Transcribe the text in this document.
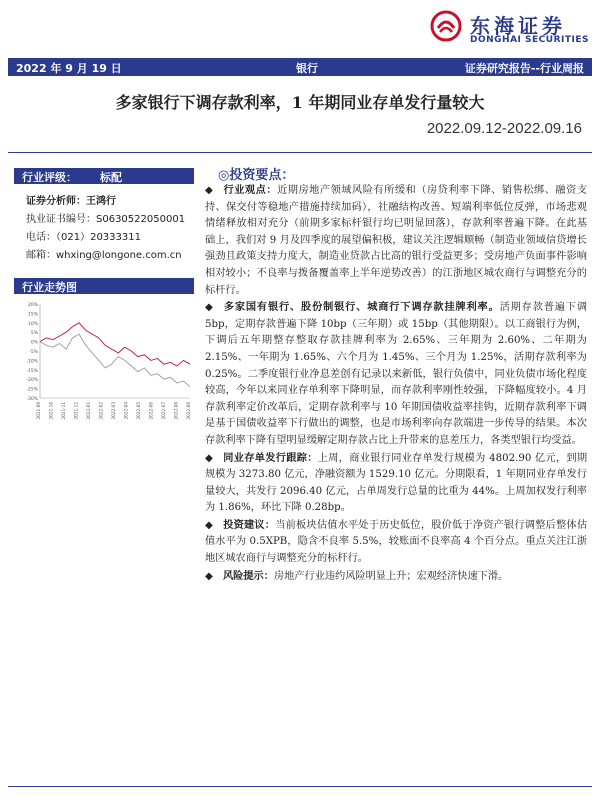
东海证券
DONGHAI SECURITIES
2022 年 9 月 19 日	银行	证券研究报告--行业周报
多家银行下调存款利率，1 年期同业存单发行量较大
2022.09.12-2022.09.16
行业评级： 标配
证券分析师：王鸿行
执业证书编号：S0630522050001
电话：（021）20333311
邮箱：whxing@longone.com.cn
行业走势图
20%
15%
10%
5%
0%
-5%
-10%
-15%
-20%
-25%
-30%
2021-09 2021-10 2021-11 2021-12 2022-01 2022-02 2022-03 2022-04 2022-05 2022-06 2022-07 2022-08 2022-09
◎投资要点：
◆ 行业观点：近期房地产领域风险有所缓和（房贷利率下降、销售松绑、融资支持、保交付等稳地产措施持续加码），社融结构改善、短端利率低位反弹，市场悲观情绪释放相对充分（前期多家标杆银行均已明显回落），存款利率普遍下降。在此基础上，我们对 9 月及四季度的展望偏积极，建议关注逻辑顺畅（制造业领域信贷增长强劲且政策支持力度大，制造业贷款占比高的银行受益更多；受房地产负面事件影响相对较小；不良率与拨备覆盖率上半年逆势改善）的江浙地区城农商行与调整充分的标杆行。
◆ 多家国有银行、股份制银行、城商行下调存款挂牌利率。活期存款普遍下调 5bp，定期存款普遍下降 10bp（三年期）或 15bp（其他期限）。以工商银行为例，下调后五年期整存整取存款挂牌利率为 2.65%、三年期为 2.60%、二年期为 2.15%、一年期为 1.65%、六个月为 1.45%、三个月为 1.25%，活期存款利率为 0.25%。二季度银行业净息差创有记录以来新低，银行负债中，同业负债市场化程度较高，今年以来同业存单利率下降明显，而存款利率刚性较强，下降幅度较小。4 月存款利率定价改革后，定期存款利率与 10 年期国债收益率挂钩，近期存款利率下调是基于国债收益率下行做出的调整，也是市场利率向存款端进一步传导的结果。本次存款利率下降有望明显缓解定期存款占比上升带来的息差压力，各类型银行均受益。
◆ 同业存单发行跟踪：上周，商业银行同业存单发行规模为 4802.90 亿元，到期规模为 3273.80 亿元，净融资额为 1529.10 亿元。分期限看，1 年期同业存单发行量较大，共发行 2096.40 亿元，占单周发行总量的比重为 44%。上周加权发行利率为 1.86%，环比下降 0.28bp。
◆ 投资建议：当前板块估值水平处于历史低位，股价低于净资产银行调整后整体估值水平为 0.5XPB，隐含不良率 5.5%，较账面不良率高 4 个百分点。重点关注江浙地区城农商行与调整充分的标杆行。
◆ 风险提示：房地产行业违约风险明显上升；宏观经济快速下滑。
